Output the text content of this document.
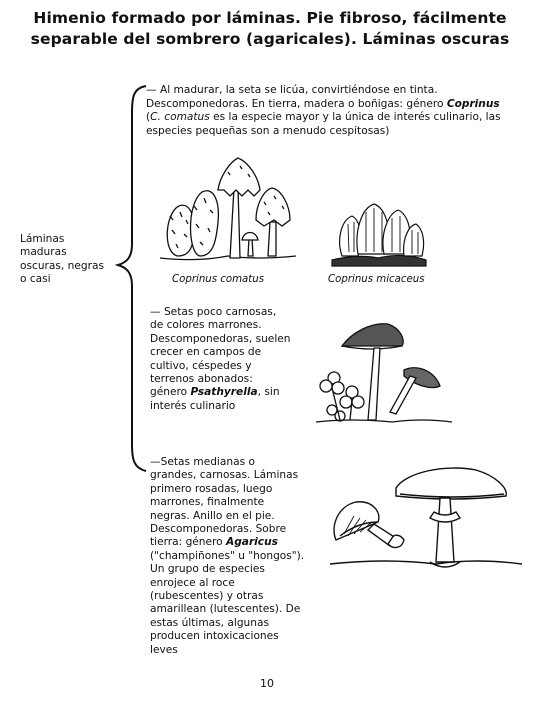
Himenio formado por láminas. Pie fibroso, fácilmente
separable del sombrero (agaricales). Láminas oscuras
Láminas
maduras
oscuras, negras
o casi
— Al madurar, la seta se licúa, convirtiéndose en tinta.
Descomponedoras. En tierra, madera o boñigas: género Coprinus
(C. comatus es la especie mayor y la única de interés culinario, las
especies pequeñas son a menudo cespitosas)
Coprinus comatus	Coprinus micaceus
— Setas poco carnosas,
de colores marrones.
Descomponedoras, suelen
crecer en campos de
cultivo, céspedes y
terrenos abonados:
género Psathyrella, sin
interés culinario
—Setas medianas o
grandes, carnosas. Láminas
primero rosadas, luego
marrones, finalmente
negras. Anillo en el pie.
Descomponedoras. Sobre
tierra: género Agaricus
("champiñones" u "hongos").
Un grupo de especies
enrojece al roce
(rubescentes) y otras
amarillean (lutescentes). De
estas últimas, algunas
producen intoxicaciones
leves
10
